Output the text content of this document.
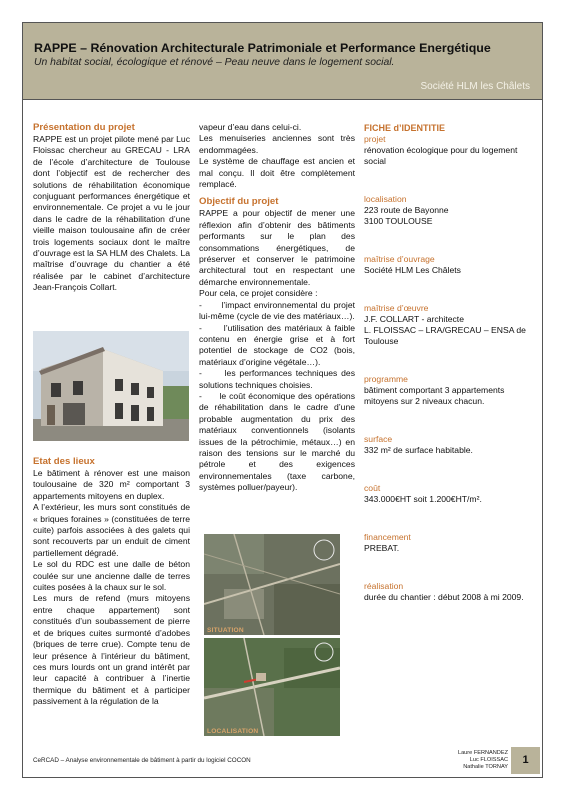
RAPPE – Rénovation Architecturale Patrimoniale et Performance Energétique
Un habitat social, écologique et rénové – Peau neuve dans le logement social.
Société HLM les Châlets
Présentation du projet

RAPPE est un projet pilote mené par Luc Floissac chercheur au GRECAU - LRA de l’école d’architecture de Toulouse dont l’objectif est de rechercher des solutions de réhabilitation économique conjuguant performances énergétique et environnementale. Ce projet a vu le jour dans le cadre de la réhabilitation d’une vieille maison toulousaine afin de créer trois logements sociaux dont le maître d’ouvrage est la SA HLM des Chalets. La maîtrise d’ouvrage du chantier a été réalisée par le cabinet d’architecture Jean-François Collart.

Etat des lieux

Le bâtiment à rénover est une maison toulousaine de 320 m² comportant 3 appartements mitoyens en duplex.

A l’extérieur, les murs sont constitués de « briques foraines » (constituées de terre cuite) parfois associées à des galets qui sont recouverts par un enduit de ciment partiellement dégradé.

Le sol du RDC est une dalle de béton coulée sur une ancienne dalle de terres cuites posées à la chaux sur le sol.

Les murs de refend (murs mitoyens entre chaque appartement) sont constitués d’un soubassement de pierre et de briques cuites surmonté d’adobes (briques de terre crue). Compte tenu de leur présence à l’intérieur du bâtiment, ces murs lourds ont un grand intérêt par leur capacité à contribuer à l’inertie thermique du bâtiment et à participer passivement à la régulation de la

vapeur d’eau dans celui-ci.

Les menuiseries anciennes sont très endommagées.

Le système de chauffage est ancien et mal conçu. Il doit être complètement remplacé.

Objectif du projet

RAPPE a pour objectif de mener une réflexion afin d’obtenir des bâtiments performants sur le plan des consommations énergétiques, de préserver et conserver le patrimoine architectural tout en respectant une démarche environnementale.

Pour cela, ce projet considère :

-      l’impact environnemental du projet lui-même (cycle de vie des matériaux…).

-      l’utilisation des matériaux à faible contenu en énergie grise et à fort potentiel de stockage de CO2 (bois, matériaux d’origine végétale…).

-      les performances techniques des solutions techniques choisies.

-      le coût économique des opérations de réhabilitation dans le cadre d’une probable augmentation du prix des matériaux conventionnels (isolants issues de la pétrochimie, métaux…) en raison des tensions sur le marché du pétrole et des exigences environnementales (taxe carbone, systèmes polluer/payeur).

SITUATION
LOCALISATION
FICHE d’IDENTITIE
projet
rénovation écologique pour du logement social
localisation
223 route de Bayonne
3100 TOULOUSE
maîtrise d’ouvrage
Société HLM Les Châlets
maîtrise d’œuvre
J.F. COLLART - architecte
L. FLOISSAC – LRA/GRECAU – ENSA de Toulouse
programme
bâtiment comportant 3 appartements mitoyens sur 2 niveaux chacun.
surface
332 m² de surface habitable.
coût
343.000€HT soit 1.200€HT/m².
financement
PREBAT.
réalisation
durée du chantier : début 2008 à mi 2009.
CeRCAD – Analyse environnementale de bâtiment à partir du logiciel COCON
Laure FERNANDEZ
Luc FLOISSAC
Nathalie TORNAY
1
